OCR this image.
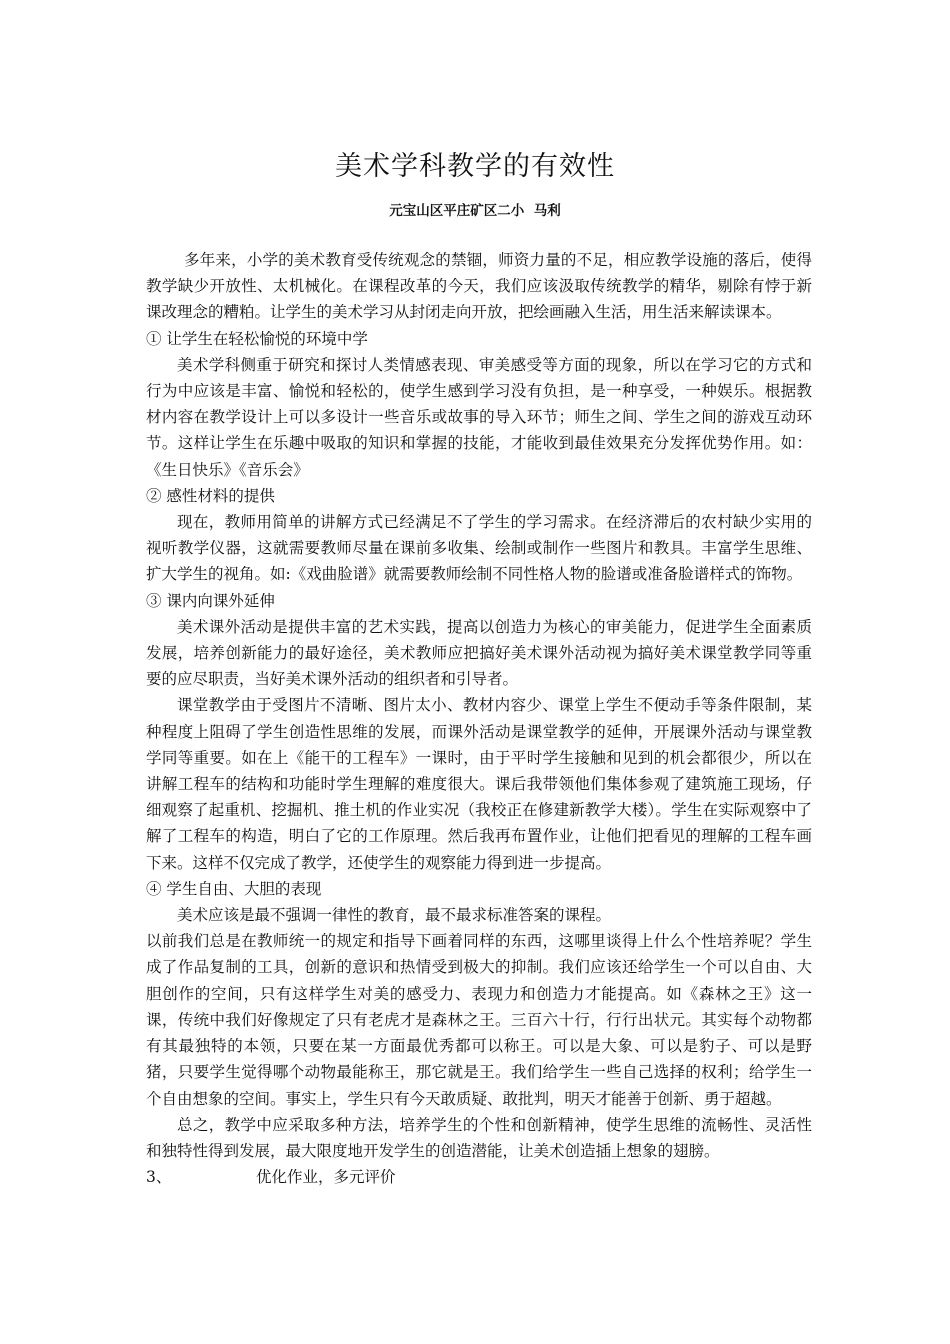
美术学科教学的有效性
元宝山区平庄矿区二小  马利

多年来，小学的美术教育受传统观念的禁锢，师资力量的不足，相应教学设施的落后，使得教学缺少开放性、太机械化。在课程改革的今天，我们应该汲取传统教学的精华，剔除有悖于新课改理念的糟粕。让学生的美术学习从封闭走向开放，把绘画融入生活，用生活来解读课本。

① 让学生在轻松愉悦的环境中学

美术学科侧重于研究和探讨人类情感表现、审美感受等方面的现象，所以在学习它的方式和行为中应该是丰富、愉悦和轻松的，使学生感到学习没有负担，是一种享受，一种娱乐。根据教材内容在教学设计上可以多设计一些音乐或故事的导入环节；师生之间、学生之间的游戏互动环节。这样让学生在乐趣中吸取的知识和掌握的技能，才能收到最佳效果充分发挥优势作用。如：《生日快乐》《音乐会》

② 感性材料的提供

现在，教师用简单的讲解方式已经满足不了学生的学习需求。在经济滞后的农村缺少实用的视听教学仪器，这就需要教师尽量在课前多收集、绘制或制作一些图片和教具。丰富学生思维、扩大学生的视角。如:《戏曲脸谱》就需要教师绘制不同性格人物的脸谱或准备脸谱样式的饰物。

③ 课内向课外延伸

美术课外活动是提供丰富的艺术实践，提高以创造力为核心的审美能力，促进学生全面素质发展，培养创新能力的最好途径，美术教师应把搞好美术课外活动视为搞好美术课堂教学同等重要的应尽职责，当好美术课外活动的组织者和引导者。

课堂教学由于受图片不清晰、图片太小、教材内容少、课堂上学生不便动手等条件限制，某种程度上阻碍了学生创造性思维的发展，而课外活动是课堂教学的延伸，开展课外活动与课堂教学同等重要。如在上《能干的工程车》一课时，由于平时学生接触和见到的机会都很少，所以在讲解工程车的结构和功能时学生理解的难度很大。课后我带领他们集体参观了建筑施工现场，仔细观察了起重机、挖掘机、推土机的作业实况（我校正在修建新教学大楼）。学生在实际观察中了解了工程车的构造，明白了它的工作原理。然后我再布置作业，让他们把看见的理解的工程车画下来。这样不仅完成了教学，还使学生的观察能力得到进一步提高。

④ 学生自由、大胆的表现

美术应该是最不强调一律性的教育，最不最求标准答案的课程。

以前我们总是在教师统一的规定和指导下画着同样的东西，这哪里谈得上什么个性培养呢？学生成了作品复制的工具，创新的意识和热情受到极大的抑制。我们应该还给学生一个可以自由、大胆创作的空间，只有这样学生对美的感受力、表现力和创造力才能提高。如《森林之王》这一课，传统中我们好像规定了只有老虎才是森林之王。三百六十行，行行出状元。其实每个动物都有其最独特的本领，只要在某一方面最优秀都可以称王。可以是大象、可以是豹子、可以是野猪，只要学生觉得哪个动物最能称王，那它就是王。我们给学生一些自己选择的权利；给学生一个自由想象的空间。事实上，学生只有今天敢质疑、敢批判，明天才能善于创新、勇于超越。

总之，教学中应采取多种方法，培养学生的个性和创新精神，使学生思维的流畅性、灵活性和独特性得到发展，最大限度地开发学生的创造潜能，让美术创造插上想象的翅膀。

3、	优化作业，多元评价
